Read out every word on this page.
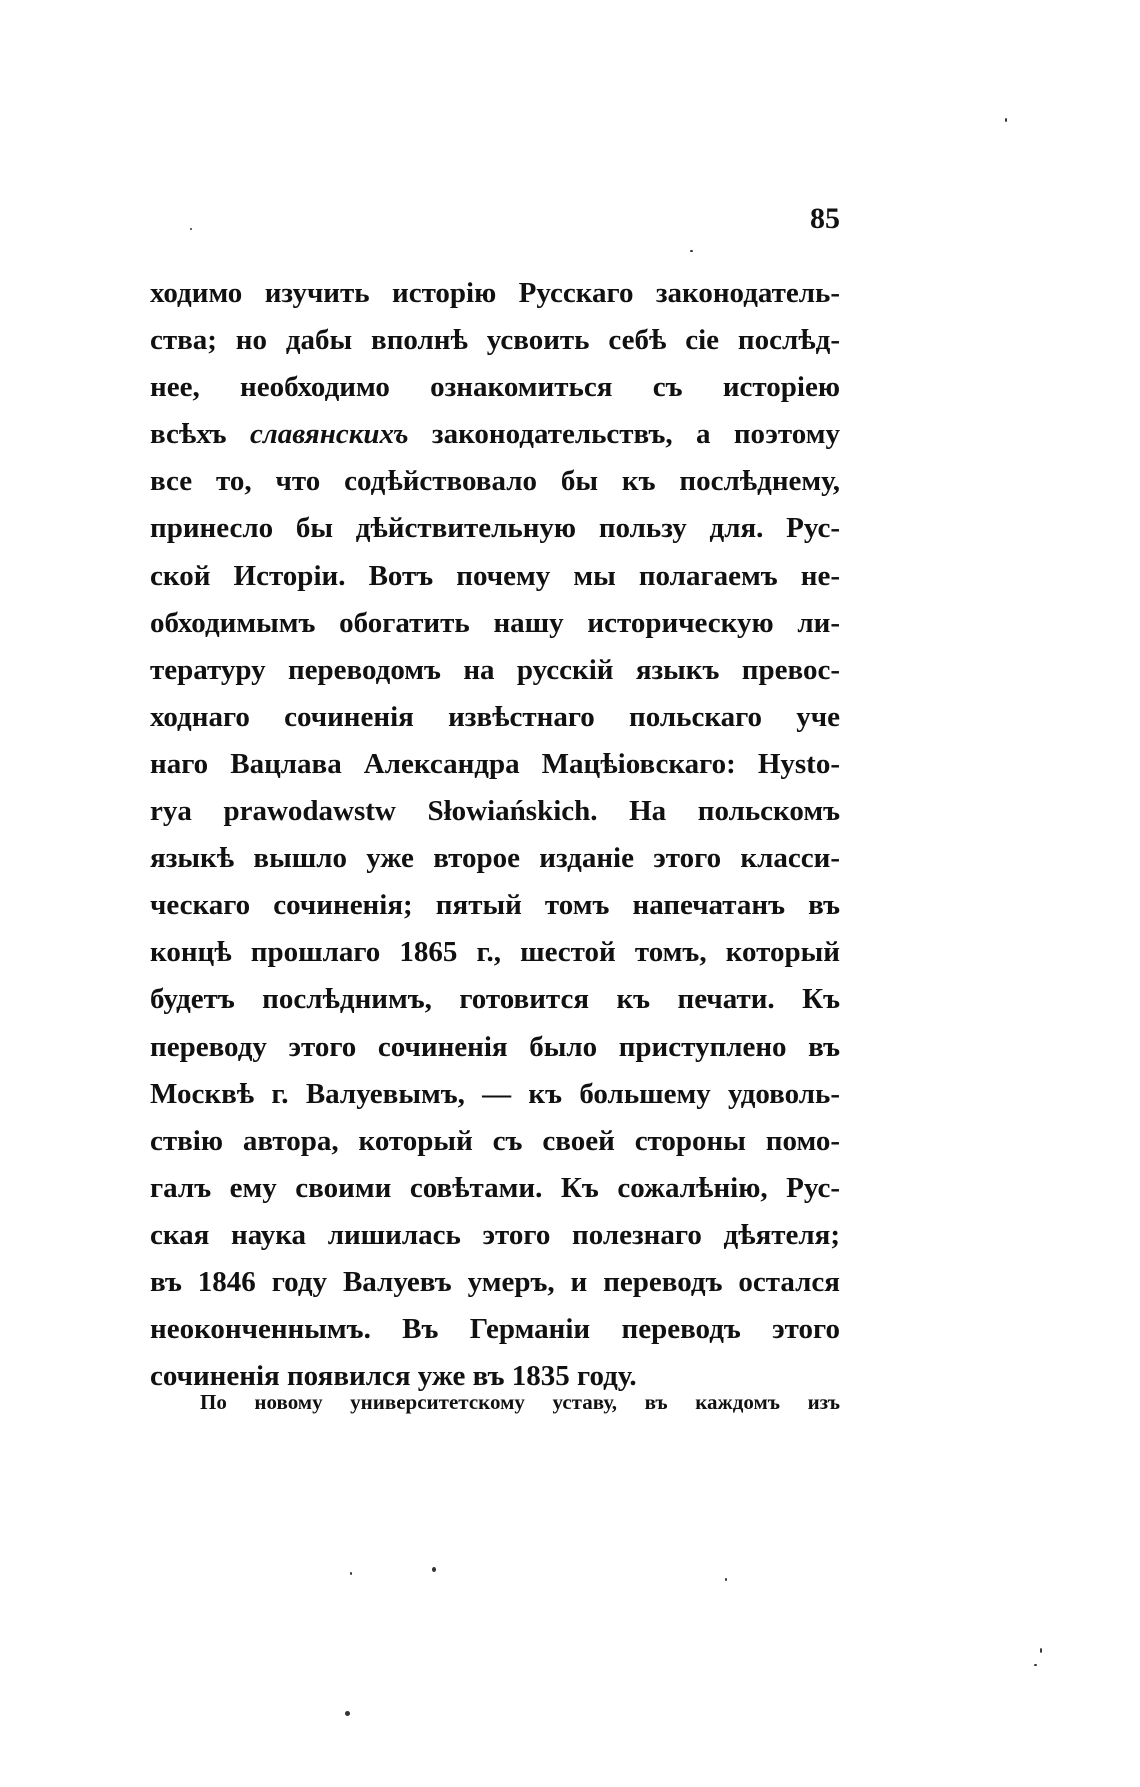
85
ходимо изучить исторію Русскаго законодатель-
ства; но дабы вполнѣ усвоить себѣ сіе послѣд-
нее, необходимо ознакомиться съ исторіею
всѣхъ славянскихъ законодательствъ, а поэтому
все то, что содѣйствовало бы къ послѣднему,
принесло бы дѣйствительную пользу для. Рус-
ской Исторіи. Вотъ почему мы полагаемъ не-
обходимымъ обогатить нашу историческую ли-
тературу переводомъ на русскій языкъ превос-
ходнаго сочиненія извѣстнаго польскаго уче
наго Вацлава Александра Мацѣіовскаго: Hysto-
rya prawodawstw Słowiańskich. На польскомъ
языкѣ вышло уже второе изданіе этого класси-
ческаго сочиненія; пятый томъ напечатанъ въ
концѣ прошлаго 1865 г., шестой томъ, который
будетъ послѣднимъ, готовится къ печати. Къ
переводу этого сочиненія было приступлено въ
Москвѣ г. Валуевымъ, — къ большему удоволь-
ствію автора, который съ своей стороны помо-
галъ ему своими совѣтами. Къ сожалѣнію, Рус-
ская наука лишилась этого полезнаго дѣятеля;
въ 1846 году Валуевъ умеръ, и переводъ остался
неоконченнымъ. Въ Германіи переводъ этого
сочиненія появился уже въ 1835 году.
По новому университетскому уставу, въ каждомъ изъ
